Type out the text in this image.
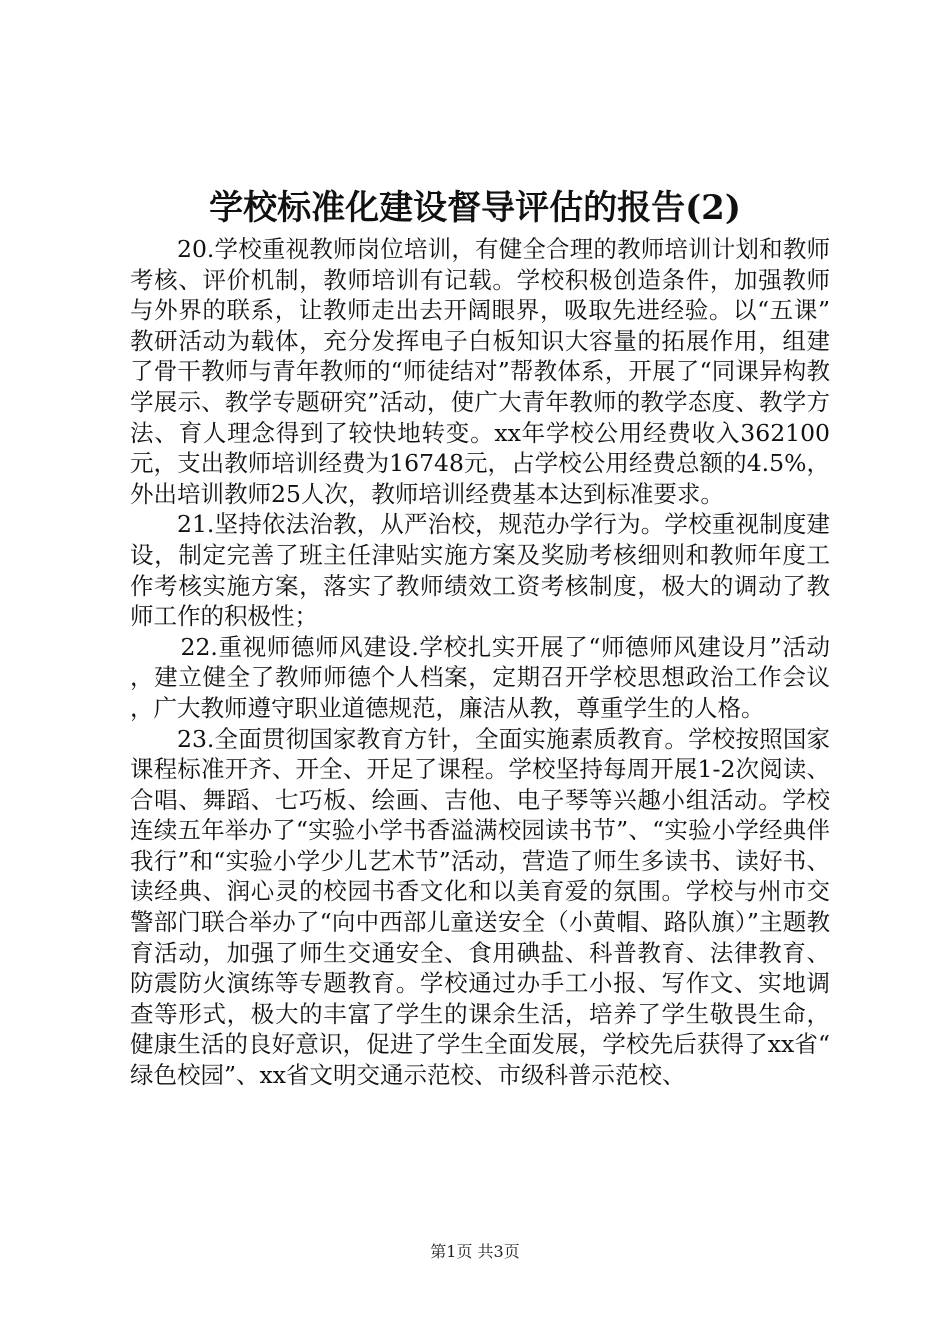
学校标准化建设督导评估的报告(2)

20.学校重视教师岗位培训，有健全合理的教师培训计划和教师考核、评价机制，教师培训有记载。学校积极创造条件，加强教师与外界的联系，让教师走出去开阔眼界，吸取先进经验。以“五课”教研活动为载体，充分发挥电子白板知识大容量的拓展作用，组建了骨干教师与青年教师的“师徒结对”帮教体系，开展了“同课异构教学展示、教学专题研究”活动，使广大青年教师的教学态度、教学方法、育人理念得到了较快地转变。xx年学校公用经费收入362100元，支出教师培训经费为16748元，占学校公用经费总额的4.5%，外出培训教师25人次，教师培训经费基本达到标准要求。

21.坚持依法治教，从严治校，规范办学行为。学校重视制度建设，制定完善了班主任津贴实施方案及奖励考核细则和教师年度工作考核实施方案，落实了教师绩效工资考核制度，极大的调动了教师工作的积极性；

22.重视师德师风建设.学校扎实开展了“师德师风建设月”活动，建立健全了教师师德个人档案，定期召开学校思想政治工作会议，广大教师遵守职业道德规范，廉洁从教，尊重学生的人格。

23.全面贯彻国家教育方针，全面实施素质教育。学校按照国家课程标准开齐、开全、开足了课程。学校坚持每周开展1-2次阅读、合唱、舞蹈、七巧板、绘画、吉他、电子琴等兴趣小组活动。学校连续五年举办了“实验小学书香溢满校园读书节”、“实验小学经典伴我行”和“实验小学少儿艺术节”活动，营造了师生多读书、读好书、读经典、润心灵的校园书香文化和以美育爱的氛围。学校与州市交警部门联合举办了“向中西部儿童送安全（小黄帽、路队旗）”主题教育活动，加强了师生交通安全、食用碘盐、科普教育、法律教育、防震防火演练等专题教育。学校通过办手工小报、写作文、实地调查等形式，极大的丰富了学生的课余生活，培养了学生敬畏生命，健康生活的良好意识，促进了学生全面发展，学校先后获得了xx省“绿色校园”、xx省文明交通示范校、市级科普示范校、

第1页 共3页
